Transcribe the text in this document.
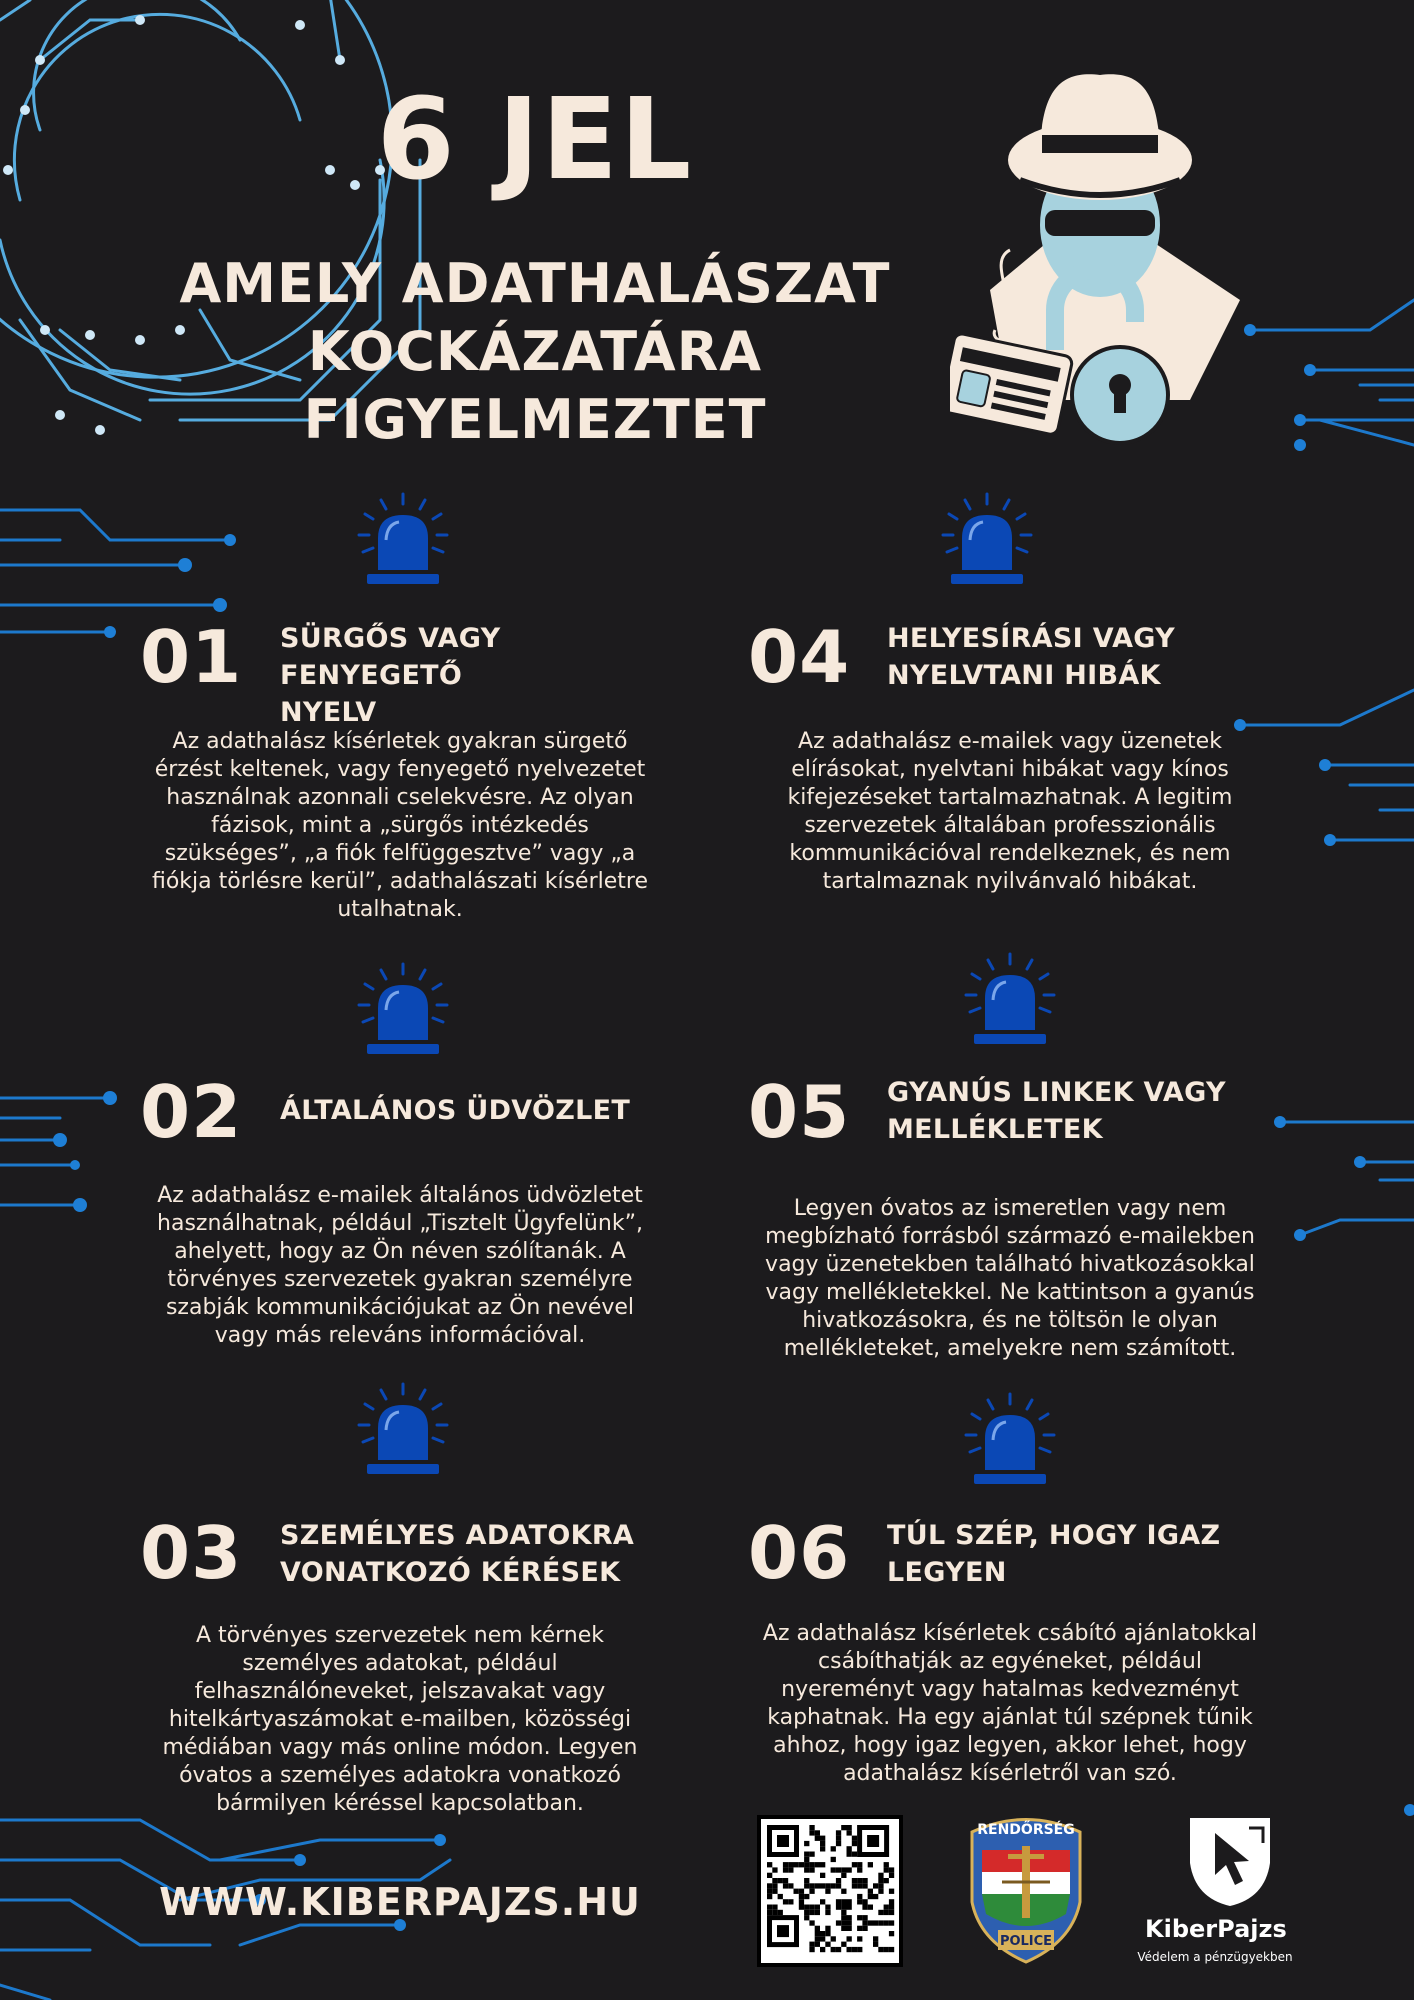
6 JEL
AMELY ADATHALÁSZAT
KOCKÁZATÁRA
FIGYELMEZTET
01 SÜRGŐS VAGY FENYEGETŐ
NYELV
Az adathalász kísérletek gyakran sürgető
érzést keltenek, vagy fenyegető nyelvezetet
használnak azonnali cselekvésre. Az olyan
fázisok, mint a „sürgős intézkedés
szükséges”, „a fiók felfüggesztve” vagy „a
fiókja törlésre kerül”, adathalászati kísérletre
utalhatnak.
02 ÁLTALÁNOS ÜDVÖZLET
Az adathalász e-mailek általános üdvözletet
használhatnak, például „Tisztelt Ügyfelünk”,
ahelyett, hogy az Ön néven szólítanák. A
törvényes szervezetek gyakran személyre
szabják kommunikációjukat az Ön nevével
vagy más releváns információval.
03 SZEMÉLYES ADATOKRA
VONATKOZÓ KÉRÉSEK
A törvényes szervezetek nem kérnek
személyes adatokat, például
felhasználóneveket, jelszavakat vagy
hitelkártyaszámokat e-mailben, közösségi
médiában vagy más online módon. Legyen
óvatos a személyes adatokra vonatkozó
bármilyen kéréssel kapcsolatban.
04 HELYESÍRÁSI VAGY
NYELVTANI HIBÁK
Az adathalász e-mailek vagy üzenetek
elírásokat, nyelvtani hibákat vagy kínos
kifejezéseket tartalmazhatnak. A legitim
szervezetek általában professzionális
kommunikációval rendelkeznek, és nem
tartalmaznak nyilvánvaló hibákat.
05 GYANÚS LINKEK VAGY
MELLÉKLETEK
Legyen óvatos az ismeretlen vagy nem
megbízható forrásból származó e-mailekben
vagy üzenetekben található hivatkozásokkal
vagy mellékletekkel. Ne kattintson a gyanús
hivatkozásokra, és ne töltsön le olyan
mellékleteket, amelyekre nem számított.
06 TÚL SZÉP, HOGY IGAZ
LEGYEN
Az adathalász kísérletek csábító ajánlatokkal
csábíthatják az egyéneket, például
nyereményt vagy hatalmas kedvezményt
kaphatnak. Ha egy ajánlat túl szépnek tűnik
ahhoz, hogy igaz legyen, akkor lehet, hogy
adathalász kísérletről van szó.
WWW.KIBERPAJZS.HU
RENDŐRSÉG
POLICE	KiberPajzs
Védelem a pénzügyekben
